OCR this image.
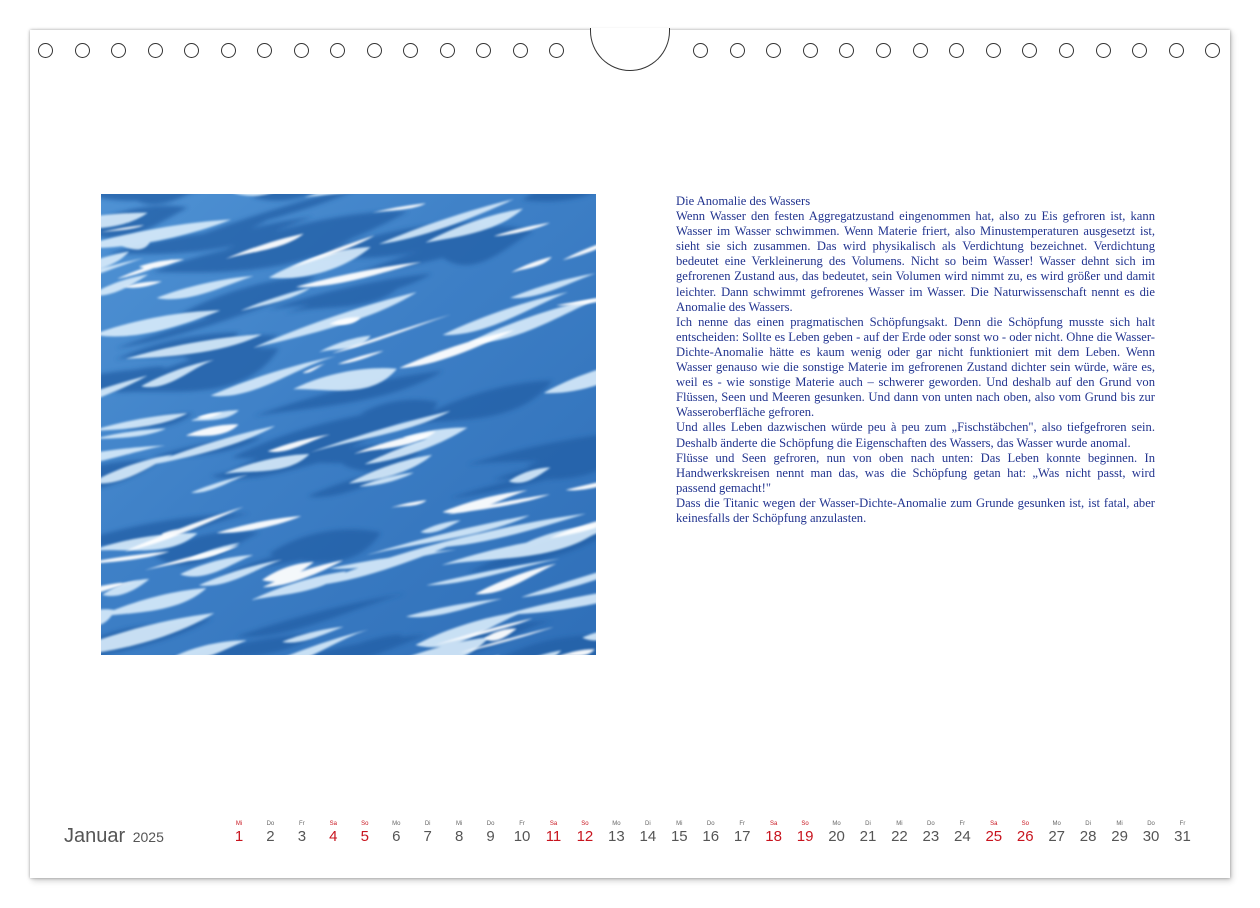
Die Anomalie des Wassers

Wenn Wasser den festen Aggregatzustand eingenommen hat, also zu Eis gefroren ist, kann Wasser im Wasser schwimmen. Wenn Materie friert, also Minustemperaturen ausgesetzt ist, sieht sie sich zusammen. Das wird physikalisch als Verdichtung bezeichnet. Verdichtung bedeutet eine Verkleinerung des Volumens. Nicht so beim Wasser! Wasser dehnt sich im gefrorenen Zustand aus, das bedeutet, sein Volumen wird nimmt zu, es wird größer und damit leichter. Dann schwimmt gefrorenes Wasser im Wasser. Die Naturwissenschaft nennt es die Anomalie des Wassers.

Ich nenne das einen pragmatischen Schöpfungsakt. Denn die Schöpfung musste sich halt entscheiden: Sollte es Leben geben - auf der Erde oder sonst wo - oder nicht. Ohne die Wasser-Dichte-Anomalie hätte es kaum wenig oder gar nicht funktioniert mit dem Leben. Wenn Wasser genauso wie die sonstige Materie im gefrorenen Zustand dichter sein würde, wäre es, weil es - wie sonstige Materie auch – schwerer geworden. Und deshalb auf den Grund von Flüssen, Seen und Meeren gesunken. Und dann von unten nach oben, also vom Grund bis zur Wasseroberfläche gefroren.

Und alles Leben dazwischen würde peu à peu zum „Fischstäbchen", also tiefgefroren sein. Deshalb änderte die Schöpfung die Eigenschaften des Wassers, das Wasser wurde anomal.

Flüsse und Seen gefroren, nun von oben nach unten: Das Leben konnte beginnen. In Handwerkskreisen nennt man das, was die Schöpfung getan hat: „Was nicht passt, wird passend gemacht!"

Dass die Titanic wegen der Wasser-Dichte-Anomalie zum Grunde gesunken ist, ist fatal, aber keinesfalls der Schöpfung anzulasten.

Januar 2025
Mi
1
Do
2
Fr
3
Sa
4
So
5
Mo
6
Di
7
Mi
8
Do
9
Fr
10
Sa
11
So
12
Mo
13
Di
14
Mi
15
Do
16
Fr
17
Sa
18
So
19
Mo
20
Di
21
Mi
22
Do
23
Fr
24
Sa
25
So
26
Mo
27
Di
28
Mi
29
Do
30
Fr
31
